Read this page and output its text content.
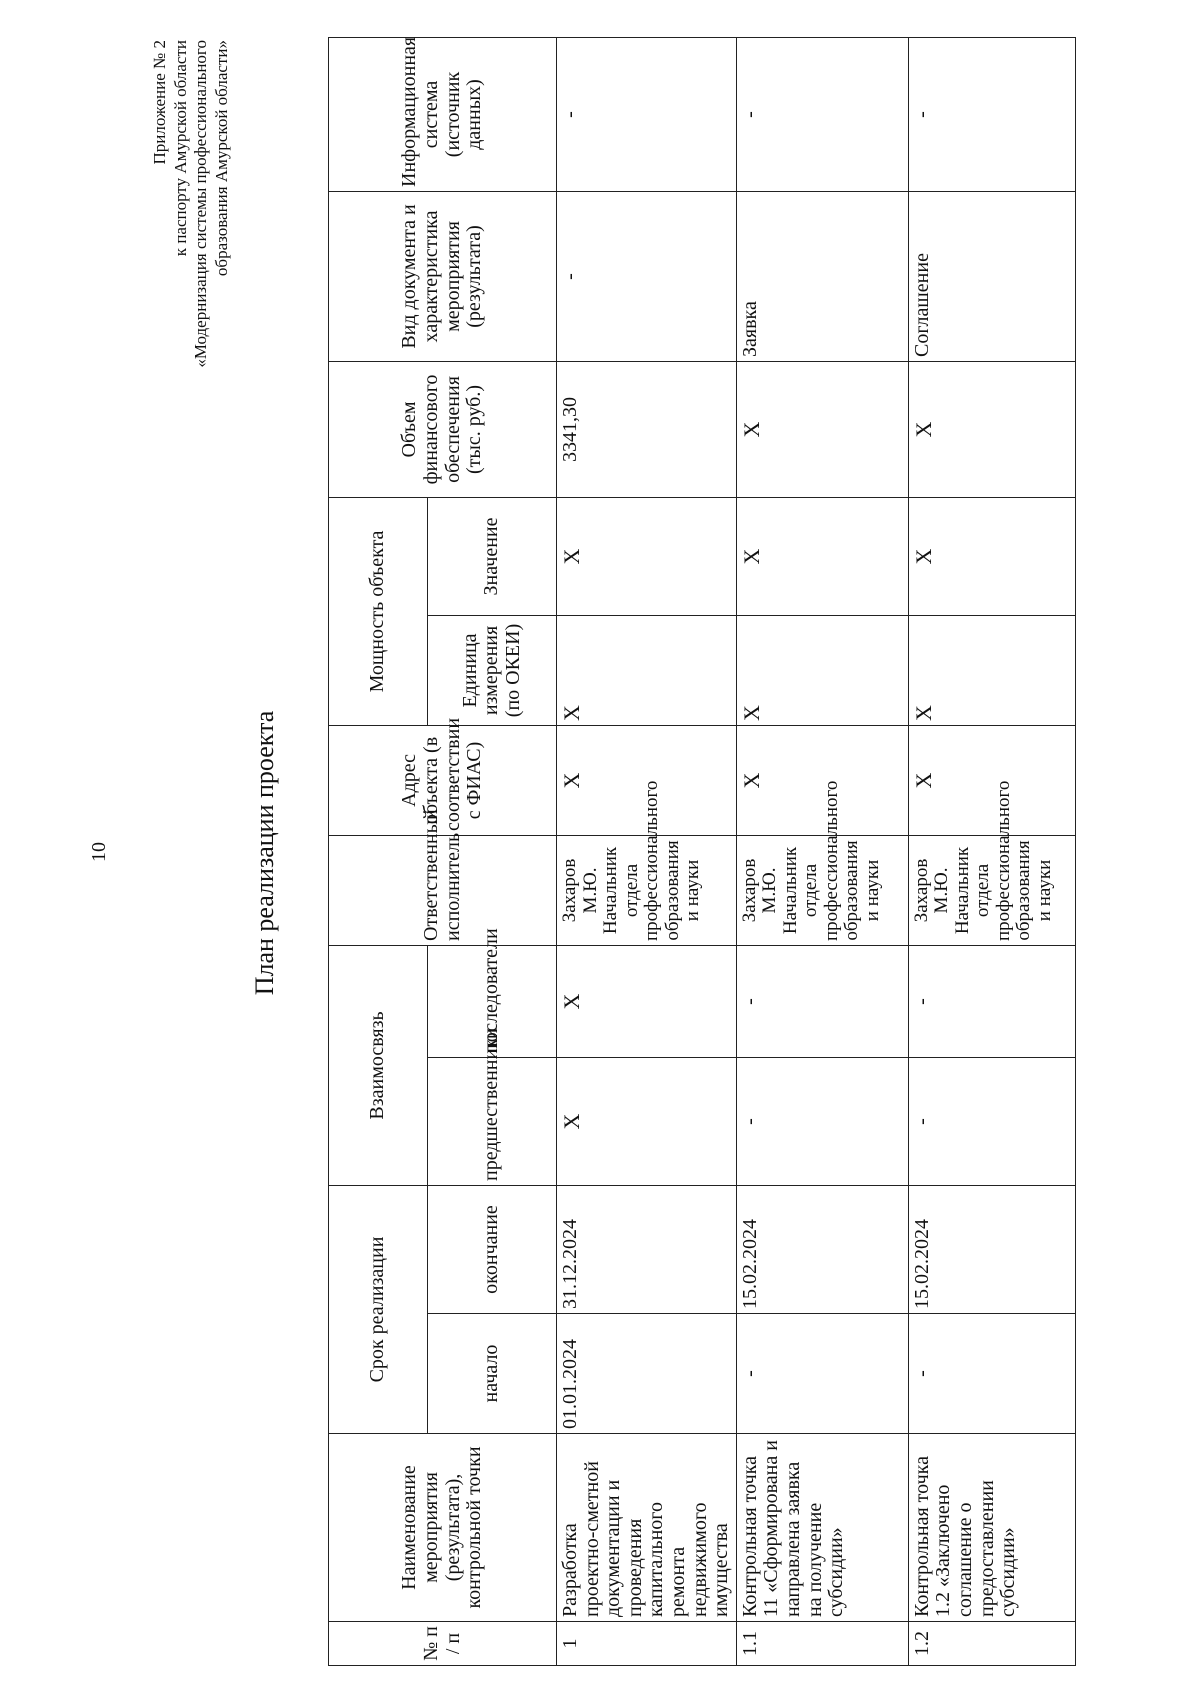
10
Приложение № 2 к паспорту Амурской области «Модернизация системы профессионального образования Амурской области»
План реализации проекта
№ п / п	Наименование мероприятия (результата), контрольной точки	Срок реализации		Взаимосвязь		Ответственный исполнитель	Адрес объекта (в соответствии с ФИАС)	Мощность объекта		Объем финансового обеспечения (тыс. руб.)	Вид документа и характеристика мероприятия (результата)	Информационная система (источник данных)
		начало	окончание	предшественники	последователи			Единица измерения (по ОКЕИ)	Значение			
1	Разработка проектно-сметной документации и проведения капитального ремонта недвижимого имущества	01.01.2024	31.12.2024	X	X	Захаров М.Ю. Начальник отдела профессионального образования и науки	X	X	X	3341,30	-	-
1.1	Контрольная точка 11 «Сформирована и направлена заявка на получение субсидии»	-	15.02.2024	-	-	Захаров М.Ю. Начальник отдела профессионального образования и науки	X	X	X	X	Заявка	-
1.2	Контрольная точка 1.2 «Заключено соглашение о предоставлении субсидии»	-	15.02.2024	-	-	Захаров М.Ю. Начальник отдела профессионального образования и науки	X	X	X	X	Соглашение	-
